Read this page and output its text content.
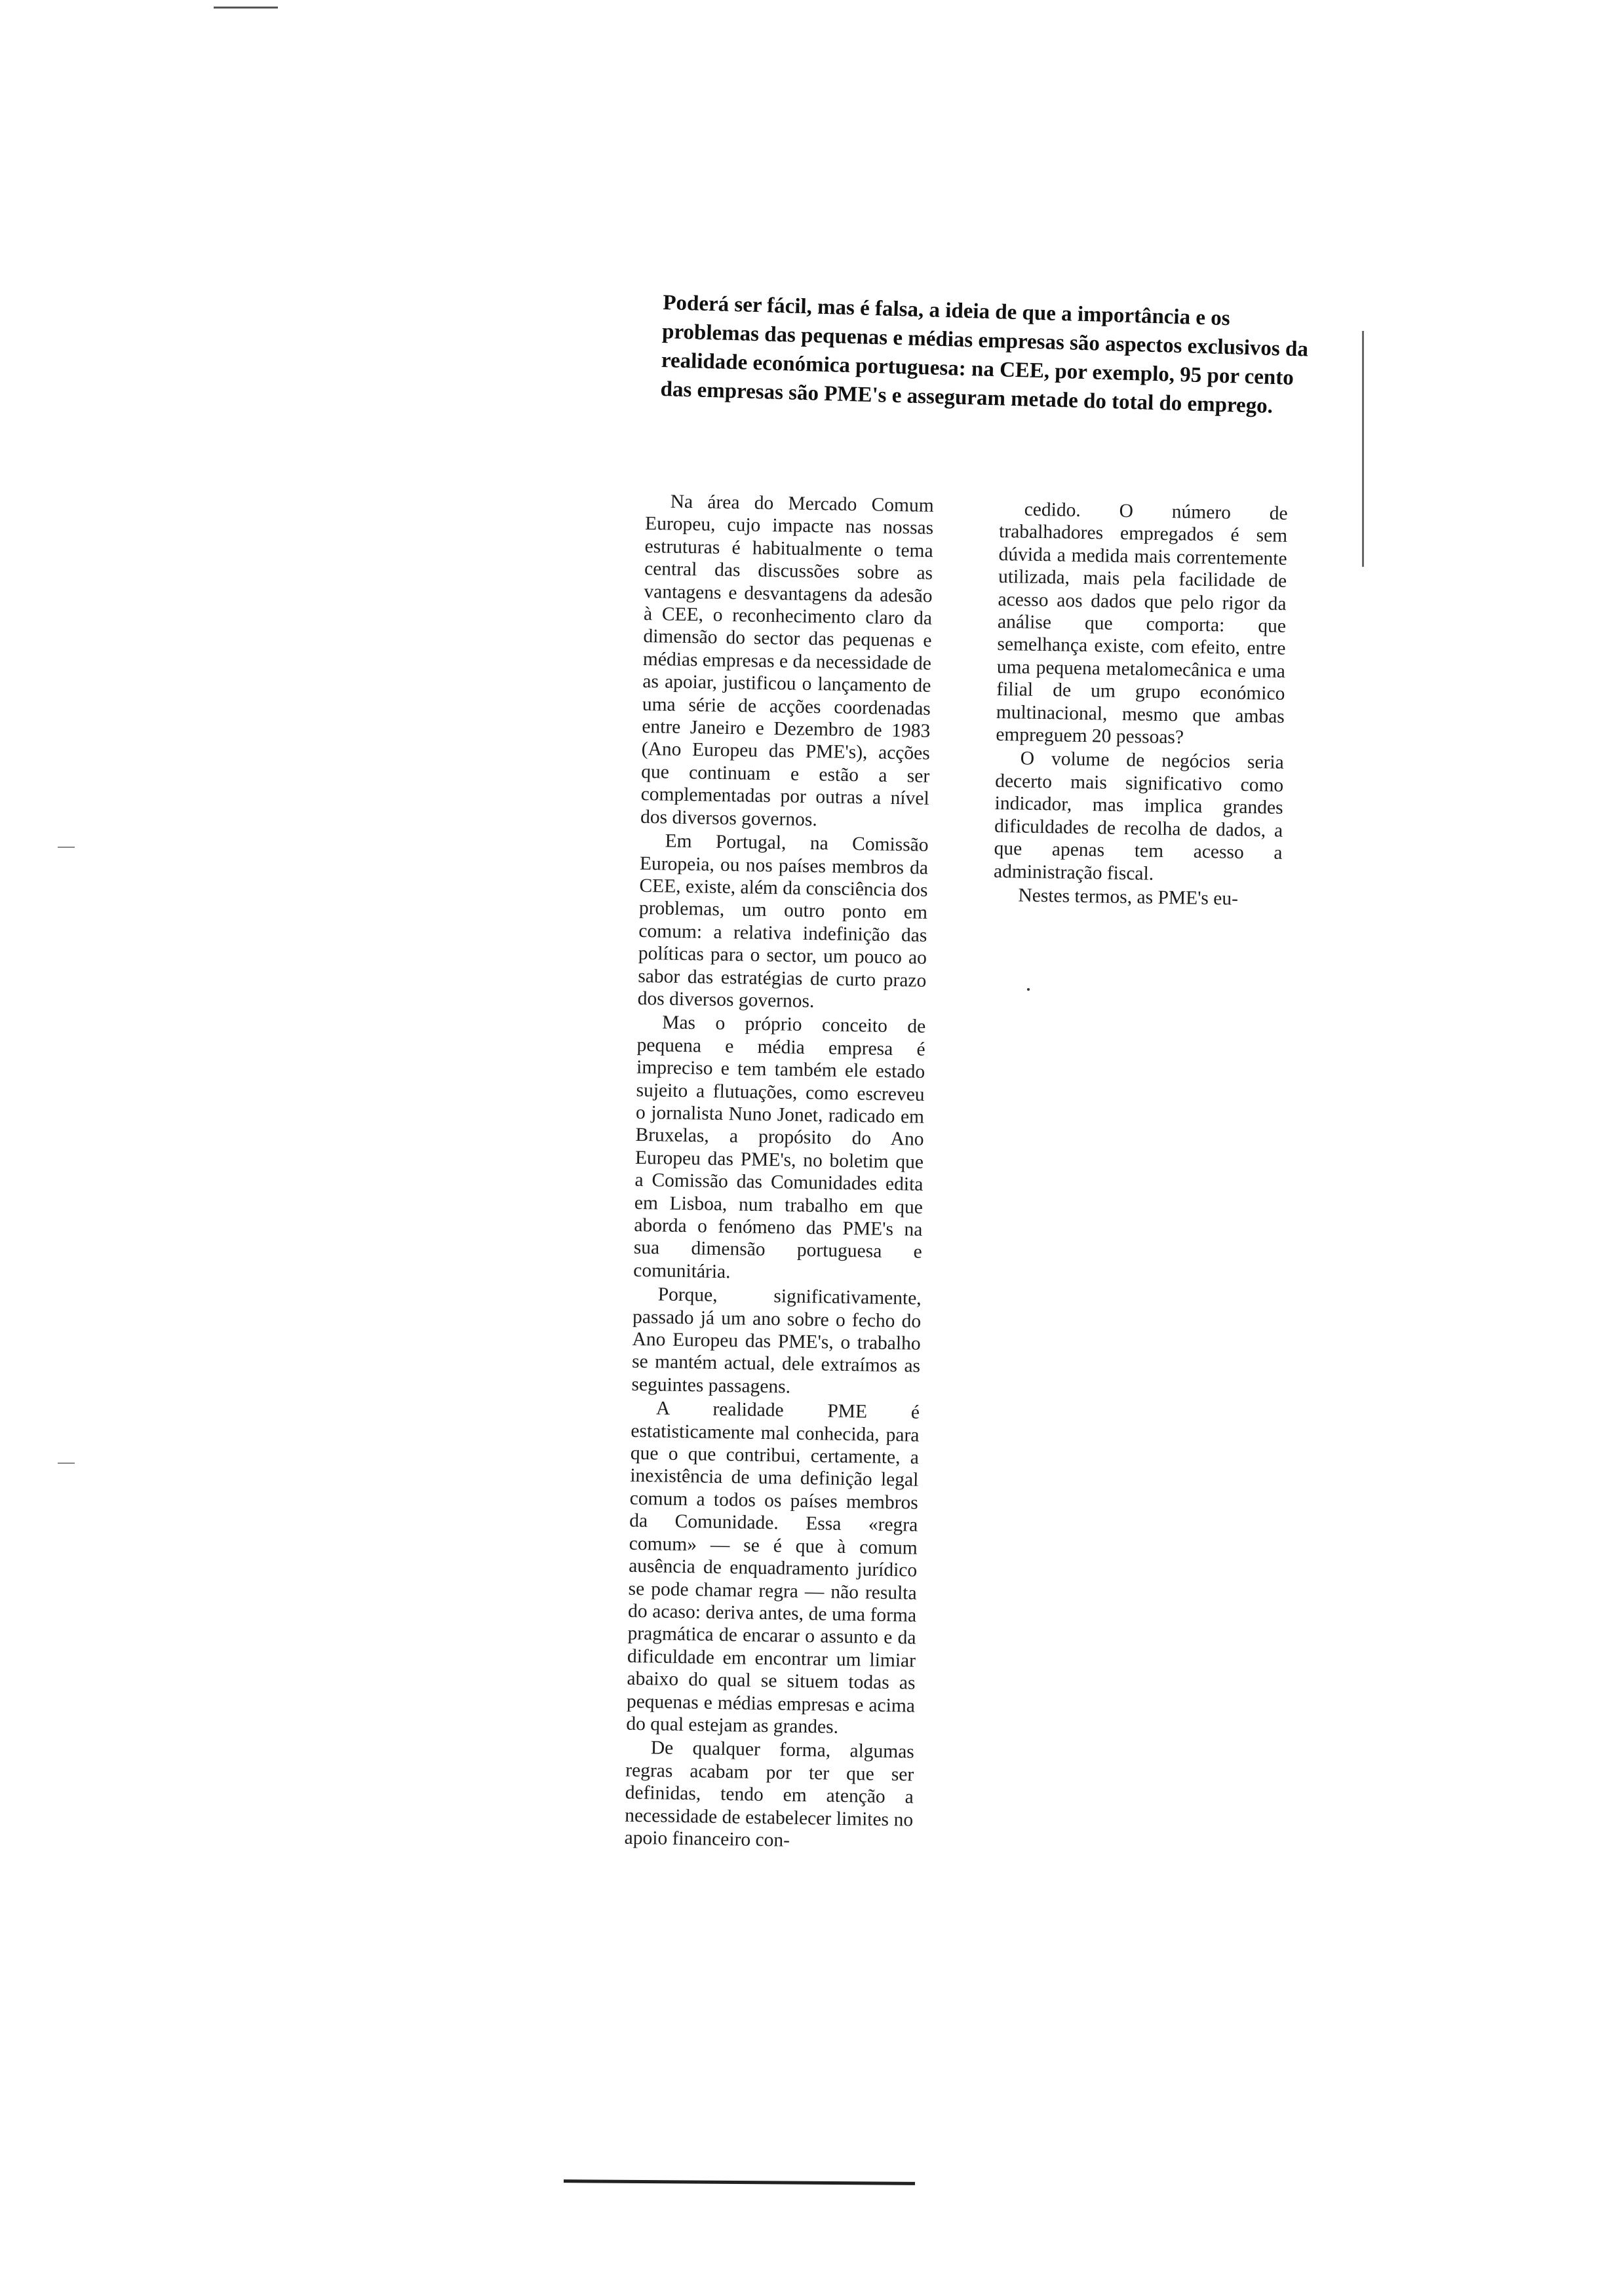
Poderá ser fácil, mas é falsa, a ideia de que a importância e os problemas das pequenas e médias empresas são aspectos exclusivos da realidade económica portuguesa: na CEE, por exemplo, 95 por cento das empresas são PME's e asseguram metade do total do emprego.

Na área do Mercado Comum Europeu, cujo impacte nas nossas estruturas é habitualmente o tema central das discussões sobre as vantagens e desvantagens da adesão à CEE, o reconhecimento claro da dimensão do sector das pequenas e médias empresas e da necessidade de as apoiar, justificou o lançamento de uma série de acções coordenadas entre Janeiro e Dezembro de 1983 (Ano Europeu das PME's), acções que continuam e estão a ser complementadas por outras a nível dos diversos governos.

Em Portugal, na Comissão Europeia, ou nos países membros da CEE, existe, além da consciência dos problemas, um outro ponto em comum: a relativa indefinição das políticas para o sector, um pouco ao sabor das estratégias de curto prazo dos diversos governos.

Mas o próprio conceito de pequena e média empresa é impreciso e tem também ele estado sujeito a flutuações, como escreveu o jornalista Nuno Jonet, radicado em Bruxelas, a propósito do Ano Europeu das PME's, no boletim que a Comissão das Comunidades edita em Lisboa, num trabalho em que aborda o fenómeno das PME's na sua dimensão portuguesa e comunitária.

Porque, significativamente, passado já um ano sobre o fecho do Ano Europeu das PME's, o trabalho se mantém actual, dele extraímos as seguintes passagens.

A realidade PME é estatisticamente mal conhecida, para que o que contribui, certamente, a inexistência de uma definição legal comum a todos os países membros da Comunidade. Essa «regra comum» — se é que à comum ausência de enquadramento jurídico se pode chamar regra — não resulta do acaso: deriva antes, de uma forma pragmática de encarar o assunto e da dificuldade em encontrar um limiar abaixo do qual se situem todas as pequenas e médias empresas e acima do qual estejam as grandes.

De qualquer forma, algumas regras acabam por ter que ser definidas, tendo em atenção a necessidade de estabelecer limites no apoio financeiro con-

cedido. O número de trabalhadores empregados é sem dúvida a medida mais correntemente utilizada, mais pela facilidade de acesso aos dados que pelo rigor da análise que comporta: que semelhança existe, com efeito, entre uma pequena metalomecânica e uma filial de um grupo económico multinacional, mesmo que ambas empreguem 20 pessoas?

O volume de negócios seria decerto mais significativo como indicador, mas implica grandes dificuldades de recolha de dados, a que apenas tem acesso a administração fiscal.

Nestes termos, as PME's eu-
